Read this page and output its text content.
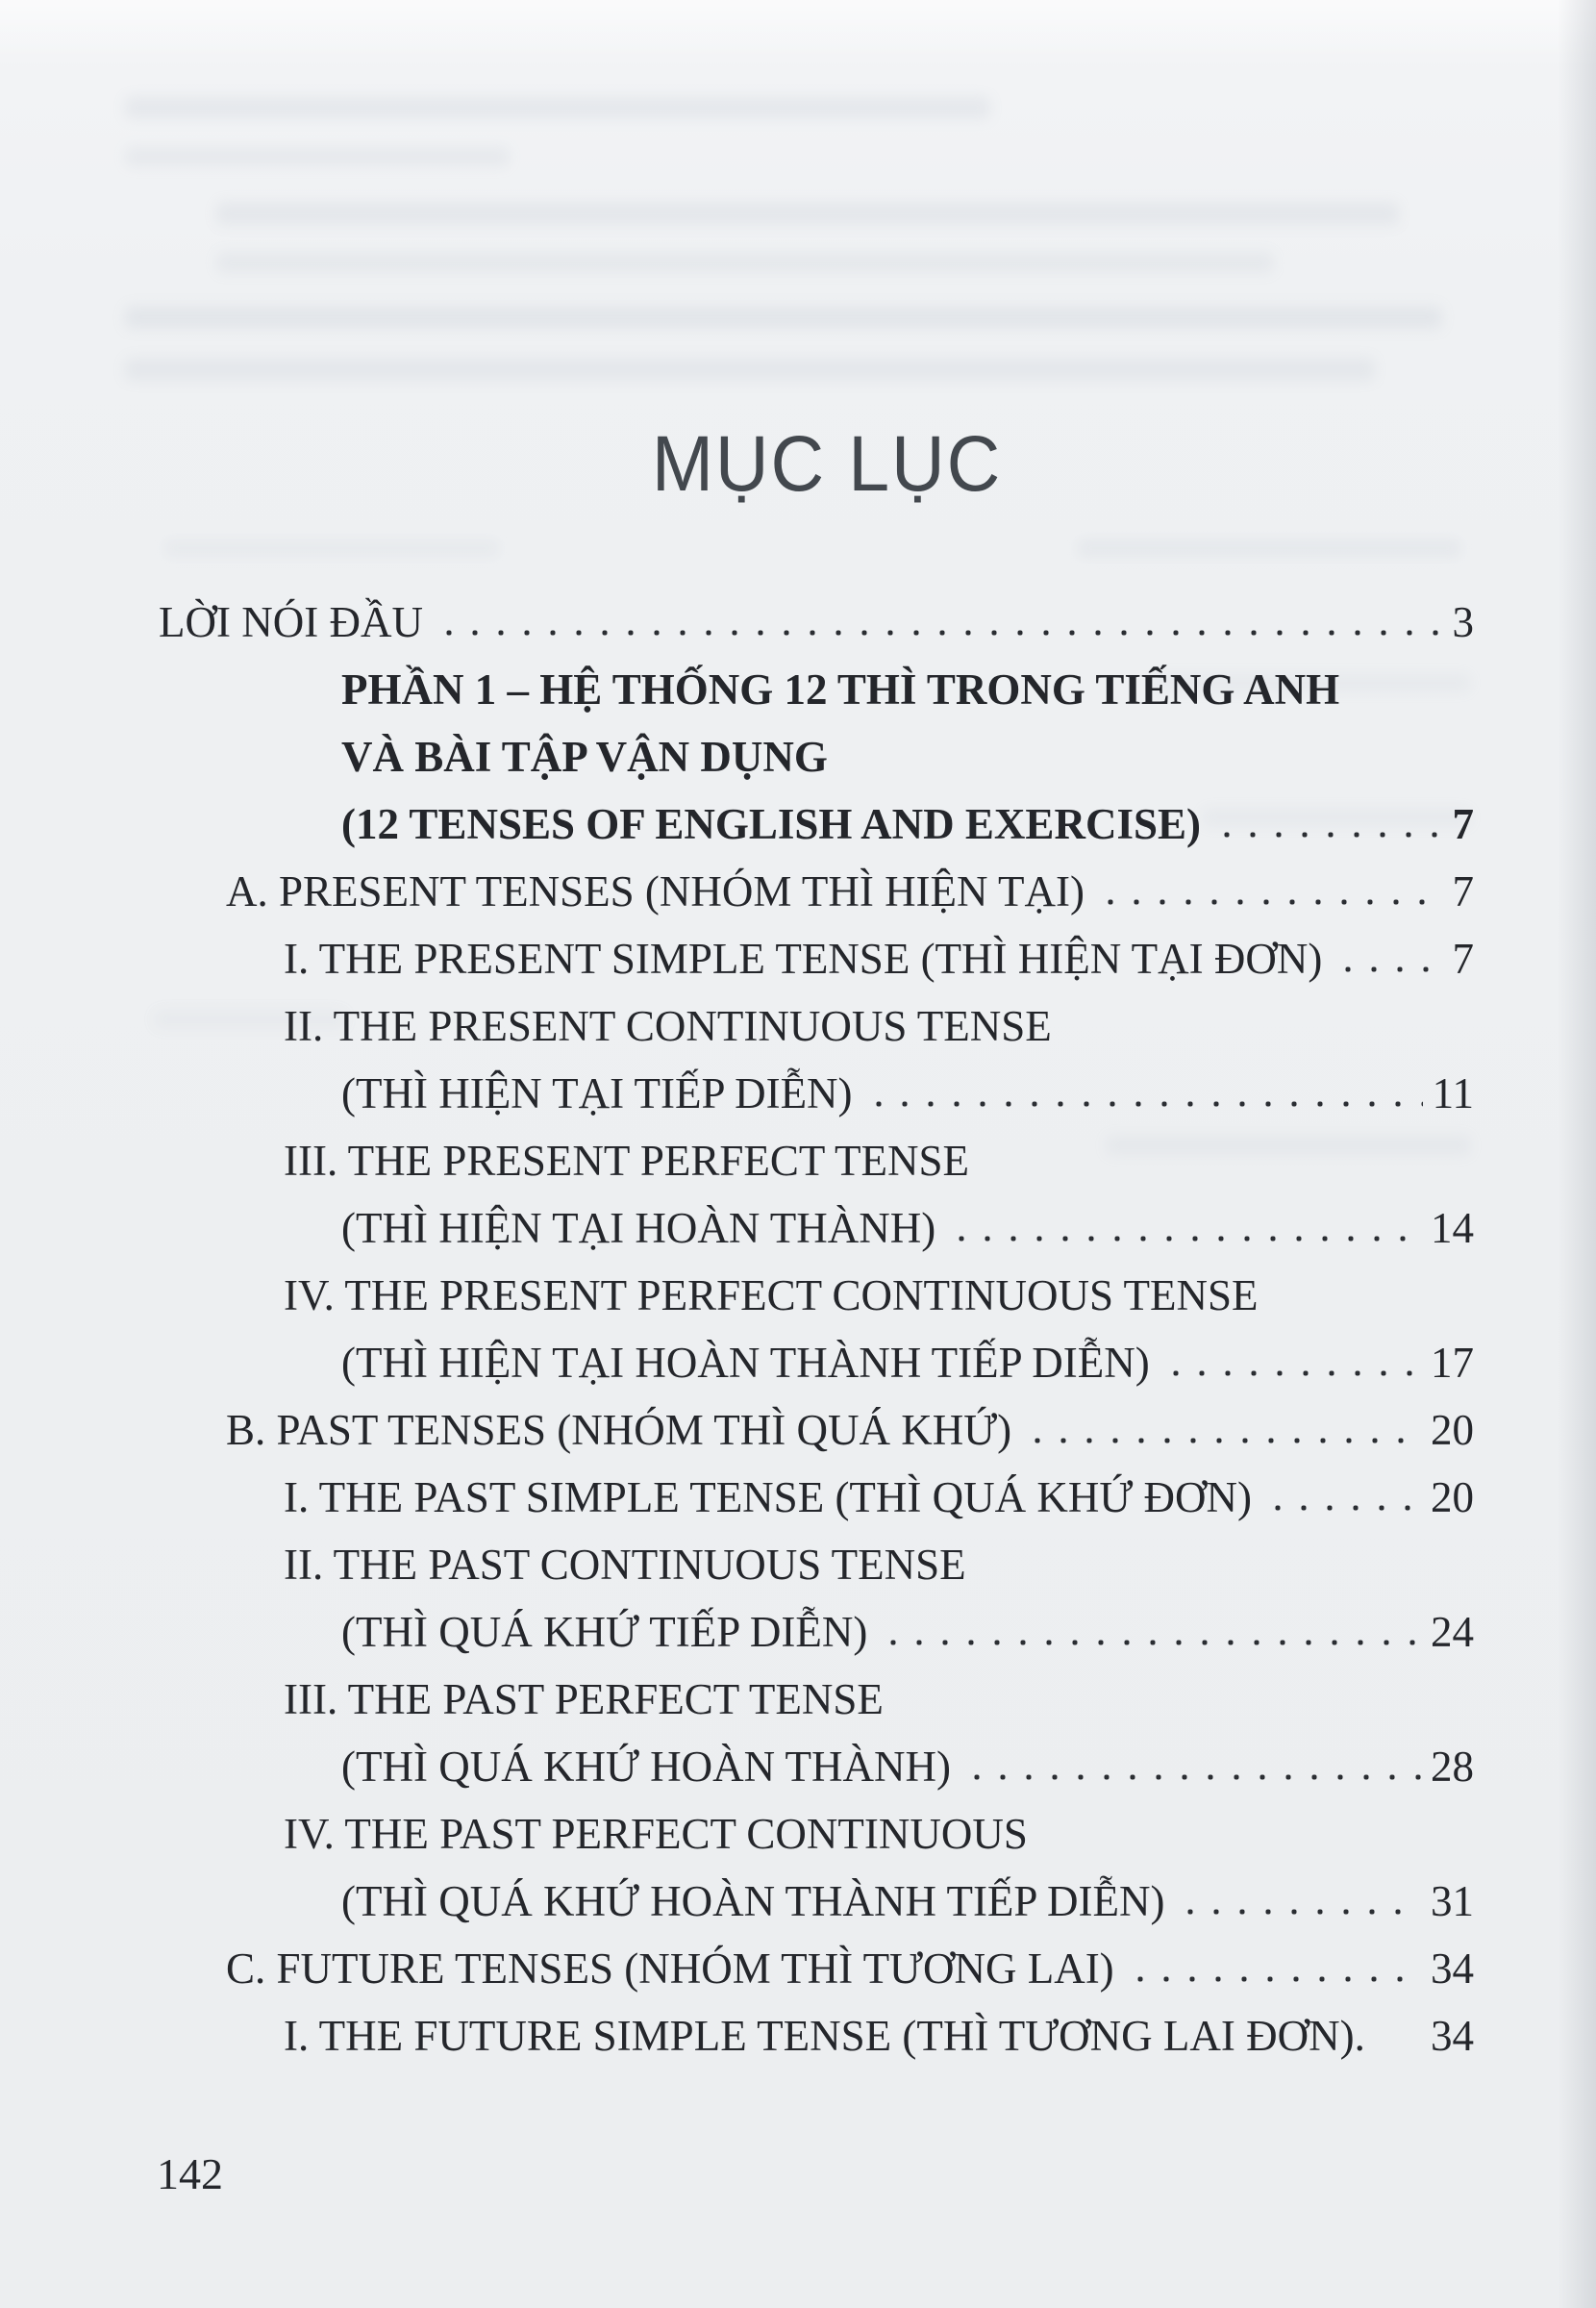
MỤC LỤC
LỜI NÓI ĐẦU	3
PHẦN 1 – HỆ THỐNG 12 THÌ TRONG TIẾNG ANH
VÀ BÀI TẬP VẬN DỤNG
(12 TENSES OF ENGLISH AND EXERCISE)	7
A. PRESENT TENSES (NHÓM THÌ HIỆN TẠI)	7
I. THE PRESENT SIMPLE TENSE (THÌ HIỆN TẠI ĐƠN)	7
II. THE PRESENT CONTINUOUS TENSE
(THÌ HIỆN TẠI TIẾP DIỄN)	11
III. THE PRESENT PERFECT TENSE
(THÌ HIỆN TẠI HOÀN THÀNH)	14
IV. THE PRESENT PERFECT CONTINUOUS TENSE
(THÌ HIỆN TẠI HOÀN THÀNH TIẾP DIỄN)	17
B. PAST TENSES (NHÓM THÌ QUÁ KHỨ)	20
I. THE PAST SIMPLE TENSE (THÌ QUÁ KHỨ ĐƠN)	20
II. THE PAST CONTINUOUS TENSE
(THÌ QUÁ KHỨ TIẾP DIỄN)	24
III. THE PAST PERFECT TENSE
(THÌ QUÁ KHỨ HOÀN THÀNH)	28
IV. THE PAST PERFECT CONTINUOUS
(THÌ QUÁ KHỨ HOÀN THÀNH TIẾP DIỄN)	31
C. FUTURE TENSES (NHÓM THÌ TƯƠNG LAI)	34
I. THE FUTURE SIMPLE TENSE (THÌ TƯƠNG LAI ĐƠN). 34
142
